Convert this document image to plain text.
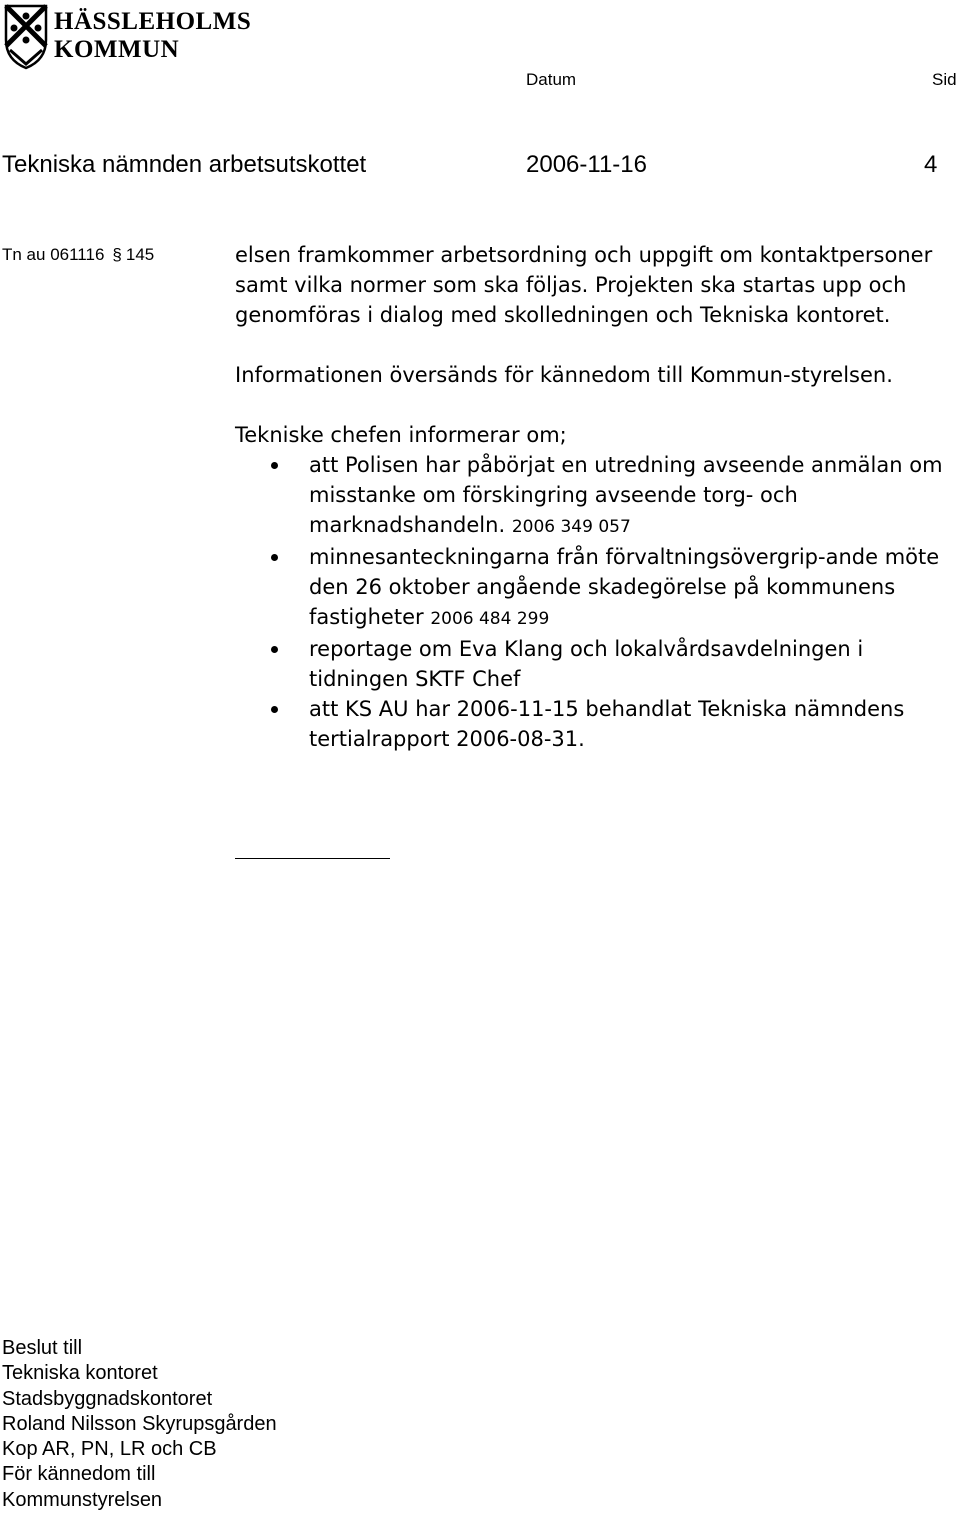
HÄSSLEHOLMS
KOMMUN
Datum	Sid
Tekniska nämnden arbetsutskottet	2006-11-16	4
Tn au 061116 § 145	elsen framkommer arbetsordning och uppgift om kontaktpersoner samt vilka normer som ska följas. Projekten ska startas upp och genomföras i dialog med skolledningen och Tekniska kontoret.

Informationen översänds för kännedom till Kommun-styrelsen.

Tekniske chefen informerar om;

att Polisen har påbörjat en utredning avseende anmälan om misstanke om förskingring avseende torg- och marknadshandeln. 2006 349 057
minnesanteckningarna från förvaltningsövergrip-ande möte den 26 oktober angående skadegörelse på kommunens fastigheter 2006 484 299
reportage om Eva Klang och lokalvårdsavdelningen i tidningen SKTF Chef
att KS AU har 2006-11-15 behandlat Tekniska nämndens tertialrapport 2006-08-31.
Beslut till
Tekniska kontoret
Stadsbyggnadskontoret
Roland Nilsson Skyrupsgården
Kop AR, PN, LR och CB
För kännedom till
Kommunstyrelsen
